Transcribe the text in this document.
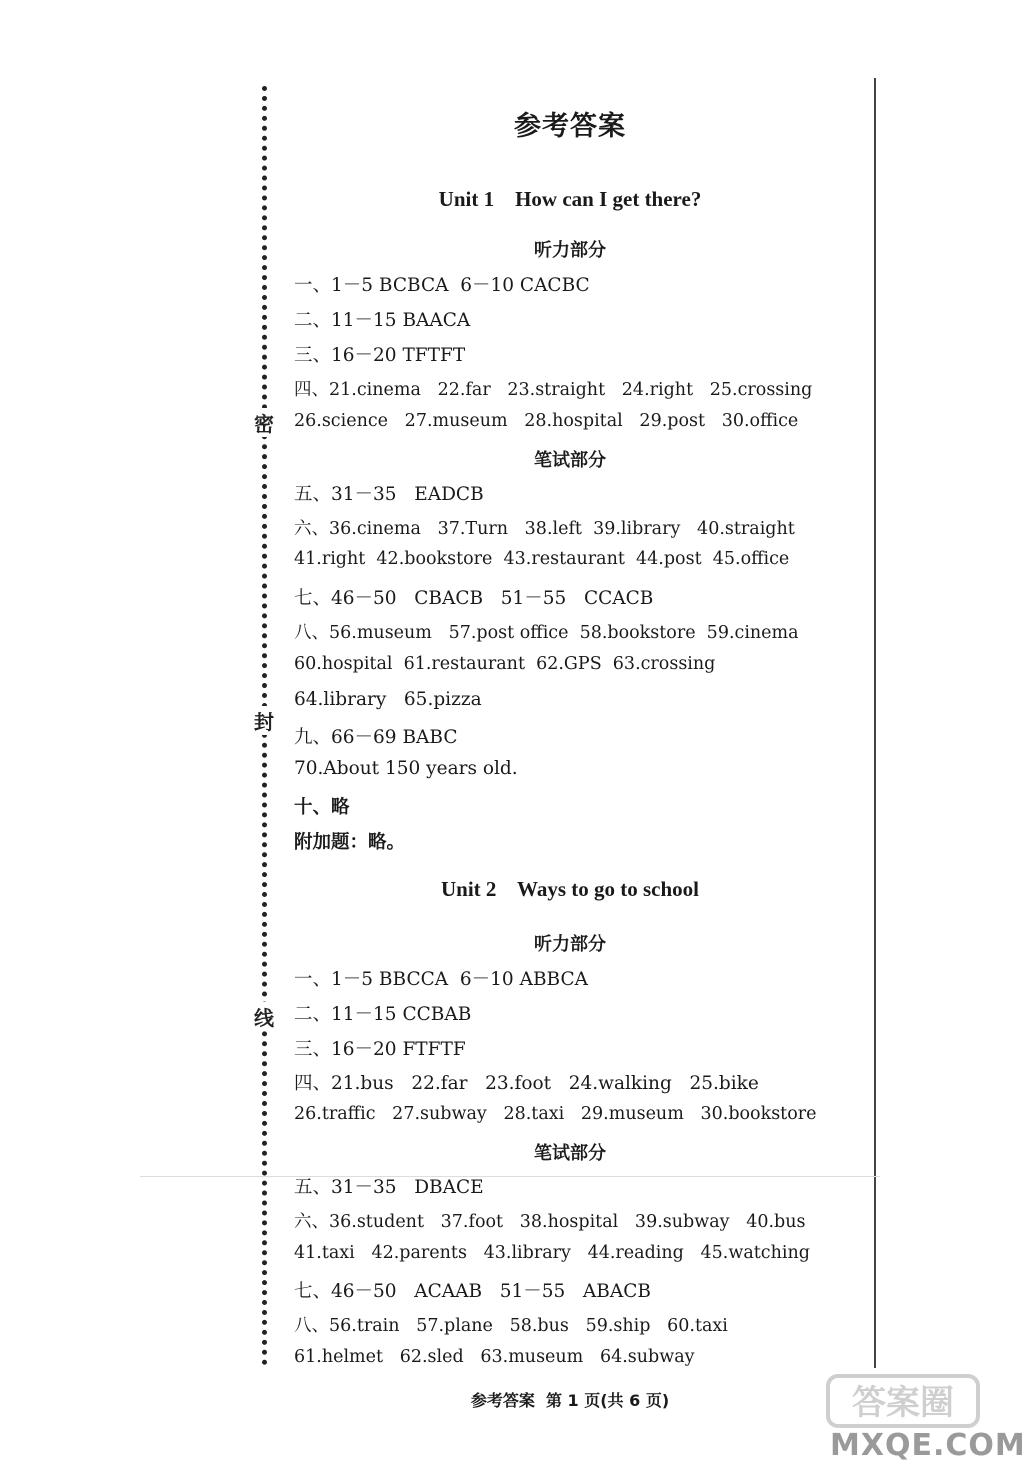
密
封
线
参考答案
Unit 1    How can I get there?
听力部分
一、1－5 BCBCA  6－10 CACBC
二、11－15 BAACA
三、16－20 TFTFT
四、21.cinema   22.far   23.straight   24.right   25.crossing
26.science   27.museum   28.hospital   29.post   30.office
笔试部分
五、31－35   EADCB
六、36.cinema   37.Turn   38.left  39.library   40.straight
41.right  42.bookstore  43.restaurant  44.post  45.office
七、46－50   CBACB   51－55   CCACB
八、56.museum   57.post office  58.bookstore  59.cinema
60.hospital  61.restaurant  62.GPS  63.crossing
64.library   65.pizza
九、66－69 BABC
70.About 150 years old.
十、略
附加题：略。
Unit 2    Ways to go to school
听力部分
一、1－5 BBCCA  6－10 ABBCA
二、11－15 CCBAB
三、16－20 FTFTF
四、21.bus   22.far   23.foot   24.walking   25.bike
26.traffic   27.subway   28.taxi   29.museum   30.bookstore
笔试部分
五、31－35   DBACE
六、36.student   37.foot   38.hospital   39.subway   40.bus
41.taxi   42.parents   43.library   44.reading   45.watching
七、46－50   ACAAB   51－55   ABACB
八、56.train   57.plane   58.bus   59.ship   60.taxi
61.helmet   62.sled   63.museum   64.subway
参考答案  第 1 页(共 6 页)	答案圈
MXQE.COM
